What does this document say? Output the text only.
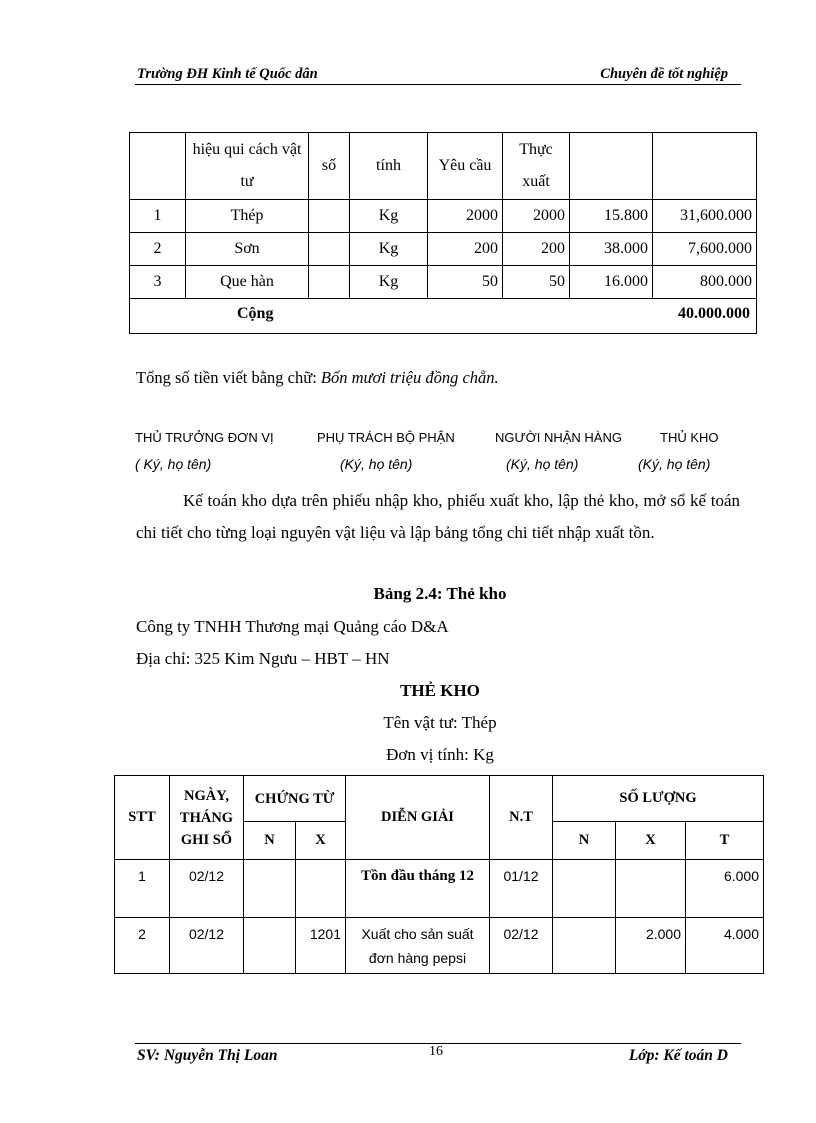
Trường ĐH Kinh tế Quốc dân	Chuyên đề tốt nghiệp
	hiệu qui cách vật tư	số	tính	Yêu cầu	Thực xuất		
1	Thép		Kg	2000	2000	15.800	31,600.000
2	Sơn		Kg	200	200	38.000	7,600.000
3	Que hàn		Kg	50	50	16.000	800.000

Cộng 40.000.000							
Tổng số tiền viết bằng chữ: Bốn mươi triệu đồng chẵn.
THỦ TRƯỞNG ĐƠN VỊ	PHỤ TRÁCH BỘ PHẬN	NGƯỜI NHẬN HÀNG	THỦ KHO
( Ký, họ tên)	(Ký, họ tên)	(Ký, họ tên)	(Ký, họ tên)
Kế toán kho dựa trên phiếu nhập kho, phiếu xuất kho, lập thẻ kho, mở sổ kế toán chi tiết cho từng loại nguyên vật liệu và lập bảng tổng chi tiết nhập xuất tồn.
Bảng 2.4: Thẻ kho
Công ty TNHH Thương mại Quảng cáo D&A
Địa chỉ: 325 Kim Ngưu – HBT – HN
THẺ KHO
Tên vật tư: Thép
Đơn vị tính: Kg
STT	NGÀY, THÁNG GHI SỔ	CHỨNG TỪ		DIỄN GIẢI	N.T	SỐ LƯỢNG		
		N	X			N	X	T
1	02/12			Tồn đầu tháng 12	01/12			6.000
2	02/12		1201	Xuất cho sản suất đơn hàng pepsi	02/12		2.000	4.000
SV: Nguyễn Thị Loan	16	Lớp: Kế toán D
